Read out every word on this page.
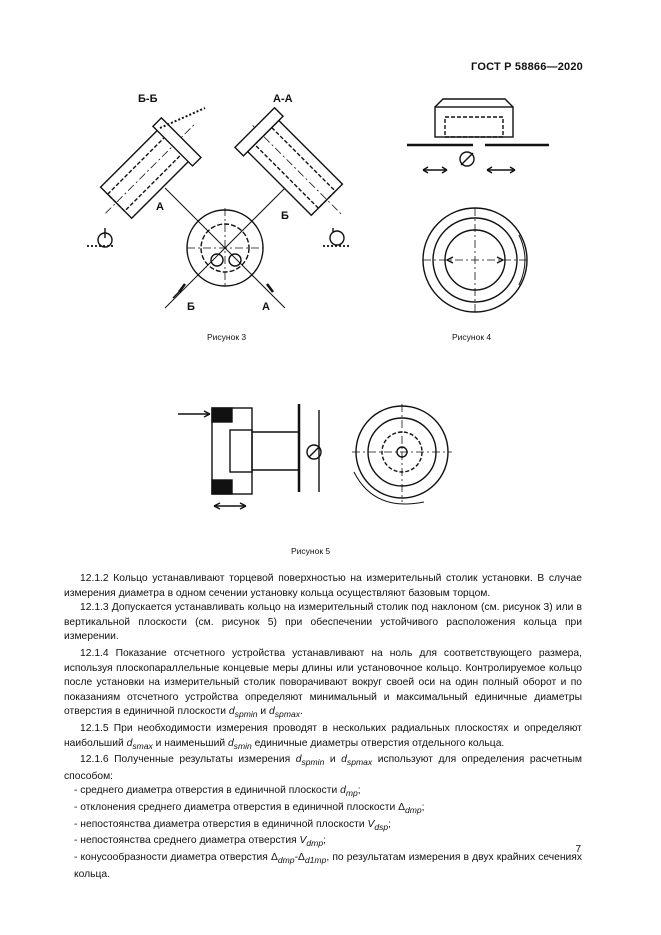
ГОСТ Р 58866—2020
Б-Б	А-А
А
Б
Б	А
Рисунок 3	Рисунок 4
Рисунок 5

12.1.2 Кольцо устанавливают торцевой поверхностью на измерительный столик установки. В случае измерения диаметра в одном сечении установку кольца осуществляют базовым торцом.

12.1.3 Допускается устанавливать кольцо на измерительный столик под наклоном (см. рисунок 3) или в вертикальной плоскости (см. рисунок 5) при обеспечении устойчивого расположения кольца при измерении.

12.1.4 Показание отсчетного устройства устанавливают на ноль для соответствующего размера, используя плоскопараллельные концевые меры длины или установочное кольцо. Контролируемое кольцо после установки на измерительный столик поворачивают вокруг своей оси на один полный оборот и по показаниям отсчетного устройства определяют минимальный и максимальный единичные диаметры отверстия в единичной плоскости $d_{spmin}$ и $d_{spmax}$.

12.1.5 При необходимости измерения проводят в нескольких радиальных плоскостях и определяют наибольший $d_{smax}$ и наименьший $d_{smin}$ единичные диаметры отверстия отдельного кольца.

12.1.6 Полученные результаты измерения $d_{spmin}$ и $d_{spmax}$ используют для определения расчетным способом:

- среднего диаметра отверстия в единичной плоскости $d_{mp}$;

- отклонения среднего диаметра отверстия в единичной плоскости $\Delta_{dmp}$;

- непостоянства диаметра отверстия в единичной плоскости $V_{dsp}$;

- непостоянства среднего диаметра отверстия $V_{dmp}$;

- конусообразности диаметра отверстия $\Delta_{dmp}-\Delta_{d1mp}$, по результатам измерения в двух крайних сечениях кольца.

7
